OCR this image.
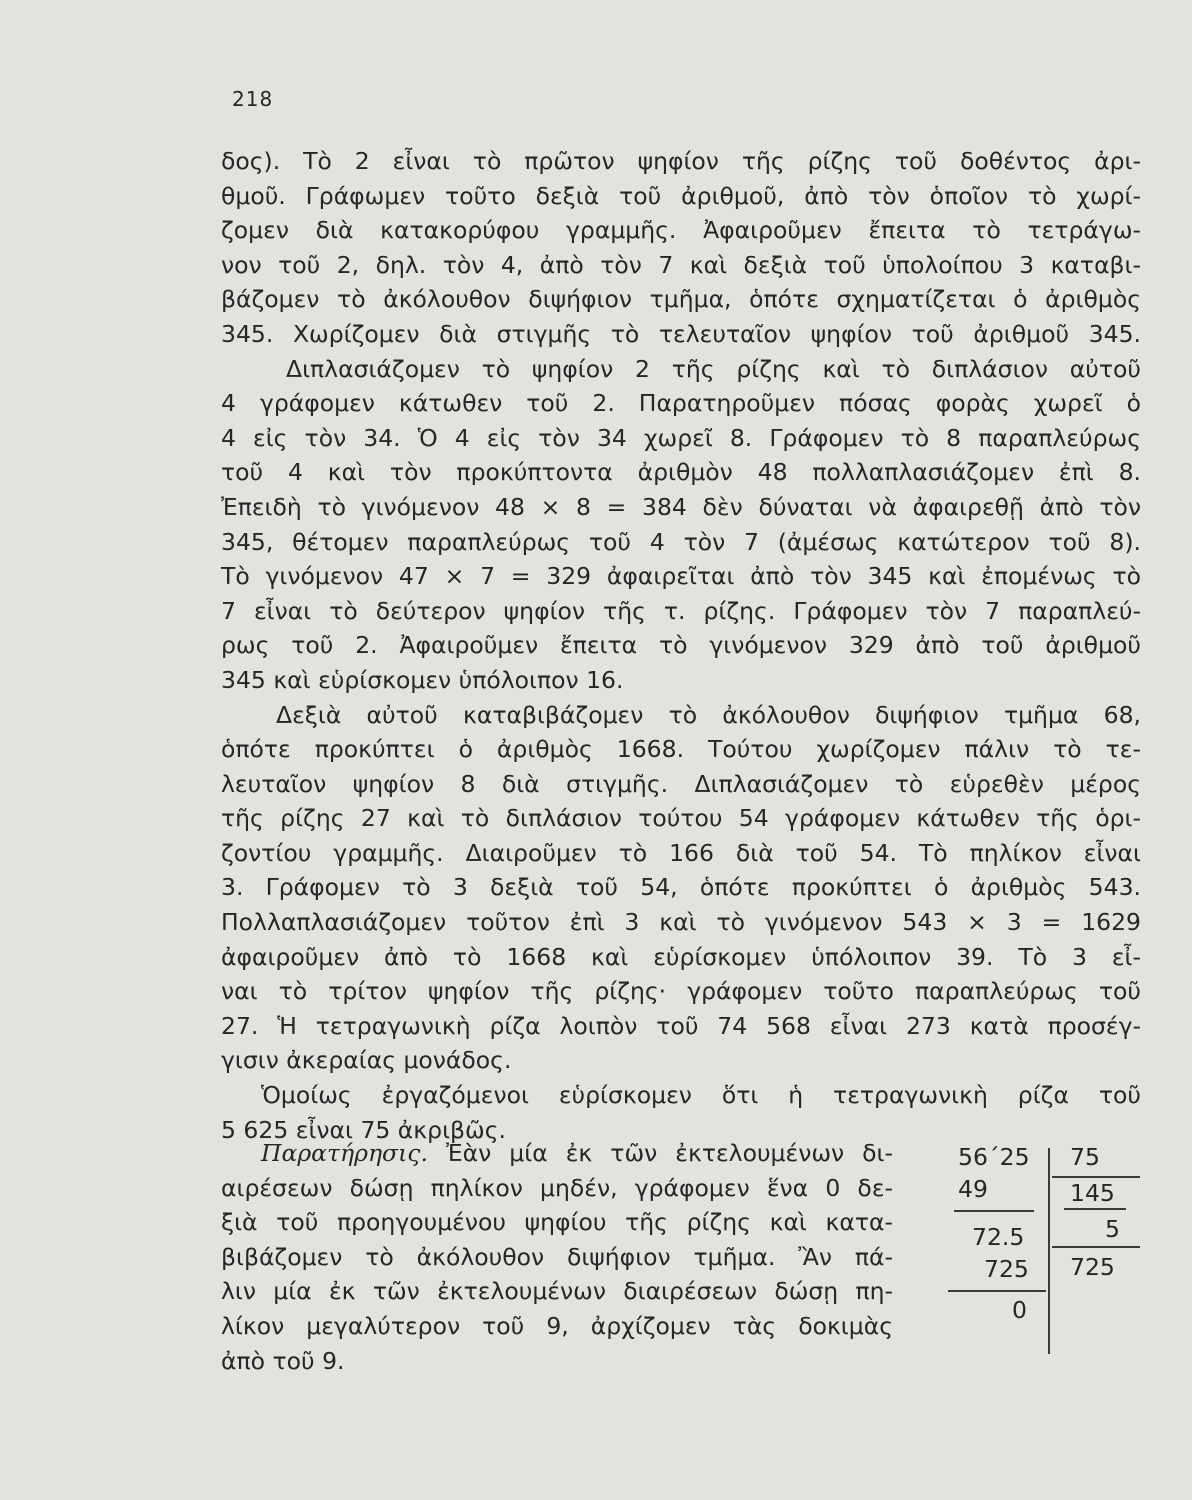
218
δος). Τὸ 2 εἶναι τὸ πρῶτον ψηφίον τῆς ρίζης τοῦ δοθέντος ἀρι-
θμοῦ. Γράφωμεν τοῦτο δεξιὰ τοῦ ἀριθμοῦ, ἀπὸ τὸν ὁποῖον τὸ χωρί-
ζομεν διὰ κατακορύφου γραμμῆς. Ἀφαιροῦμεν ἔπειτα τὸ τετράγω-
νον τοῦ 2, δηλ. τὸν 4, ἀπὸ τὸν 7 καὶ δεξιὰ τοῦ ὑπολοίπου 3 καταβι-
βάζομεν τὸ ἀκόλουθον διψήφιον τμῆμα, ὁπότε σχηματίζεται ὁ ἀριθμὸς
345. Χωρίζομεν διὰ στιγμῆς τὸ τελευταῖον ψηφίον τοῦ ἀριθμοῦ 345.
Διπλασιάζομεν τὸ ψηφίον 2 τῆς ρίζης καὶ τὸ διπλάσιον αὐτοῦ
4 γράφομεν κάτωθεν τοῦ 2. Παρατηροῦμεν πόσας φορὰς χωρεῖ ὁ
4 εἰς τὸν 34. Ὁ 4 εἰς τὸν 34 χωρεῖ 8. Γράφομεν τὸ 8 παραπλεύρως
τοῦ 4 καὶ τὸν προκύπτοντα ἀριθμὸν 48 πολλαπλασιάζομεν ἐπὶ 8.
Ἐπειδὴ τὸ γινόμενον 48 × 8 = 384 δὲν δύναται νὰ ἀφαιρεθῇ ἀπὸ τὸν
345, θέτομεν παραπλεύρως τοῦ 4 τὸν 7 (ἀμέσως κατώτερον τοῦ 8).
Τὸ γινόμενον 47 × 7 = 329 ἀφαιρεῖται ἀπὸ τὸν 345 καὶ ἐπομένως τὸ
7 εἶναι τὸ δεύτερον ψηφίον τῆς τ. ρίζης. Γράφομεν τὸν 7 παραπλεύ-
ρως τοῦ 2. Ἀφαιροῦμεν ἔπειτα τὸ γινόμενον 329 ἀπὸ τοῦ ἀριθμοῦ
345 καὶ εὑρίσκομεν ὑπόλοιπον 16.
Δεξιὰ αὐτοῦ καταβιβάζομεν τὸ ἀκόλουθον διψήφιον τμῆμα 68,
ὁπότε προκύπτει ὁ ἀριθμὸς 1668. Τούτου χωρίζομεν πάλιν τὸ τε-
λευταῖον ψηφίον 8 διὰ στιγμῆς. Διπλασιάζομεν τὸ εὑρεθὲν μέρος
τῆς ρίζης 27 καὶ τὸ διπλάσιον τούτου 54 γράφομεν κάτωθεν τῆς ὁρι-
ζοντίου γραμμῆς. Διαιροῦμεν τὸ 166 διὰ τοῦ 54. Τὸ πηλίκον εἶναι
3. Γράφομεν τὸ 3 δεξιὰ τοῦ 54, ὁπότε προκύπτει ὁ ἀριθμὸς 543.
Πολλαπλασιάζομεν τοῦτον ἐπὶ 3 καὶ τὸ γινόμενον 543 × 3 = 1629
ἀφαιροῦμεν ἀπὸ τὸ 1668 καὶ εὑρίσκομεν ὑπόλοιπον 39. Τὸ 3 εἶ-
ναι τὸ τρίτον ψηφίον τῆς ρίζης· γράφομεν τοῦτο παραπλεύρως τοῦ
27. Ἡ τετραγωνικὴ ρίζα λοιπὸν τοῦ 74 568 εἶναι 273 κατὰ προσέγ-
γισιν ἀκεραίας μονάδος.
Ὁμοίως ἐργαζόμενοι εὑρίσκομεν ὅτι ἡ τετραγωνικὴ ρίζα τοῦ
5 625 εἶναι 75 ἀκριβῶς.
Παρατήρησις. Ἐὰν μία ἐκ τῶν ἐκτελουμένων δι-
αιρέσεων δώσῃ πηλίκον μηδέν, γράφομεν ἕνα 0 δε-
ξιὰ τοῦ προηγουμένου ψηφίου τῆς ρίζης καὶ κατα-
βιβάζομεν τὸ ἀκόλουθον διψήφιον τμῆμα. Ἂν πά-
λιν μία ἐκ τῶν ἐκτελουμένων διαιρέσεων δώσῃ πη-
λίκον μεγαλύτερον τοῦ 9, ἀρχίζομεν τὰς δοκιμὰς
ἀπὸ τοῦ 9.
56΄25
49
72.5
725
0
75
145
5
725
